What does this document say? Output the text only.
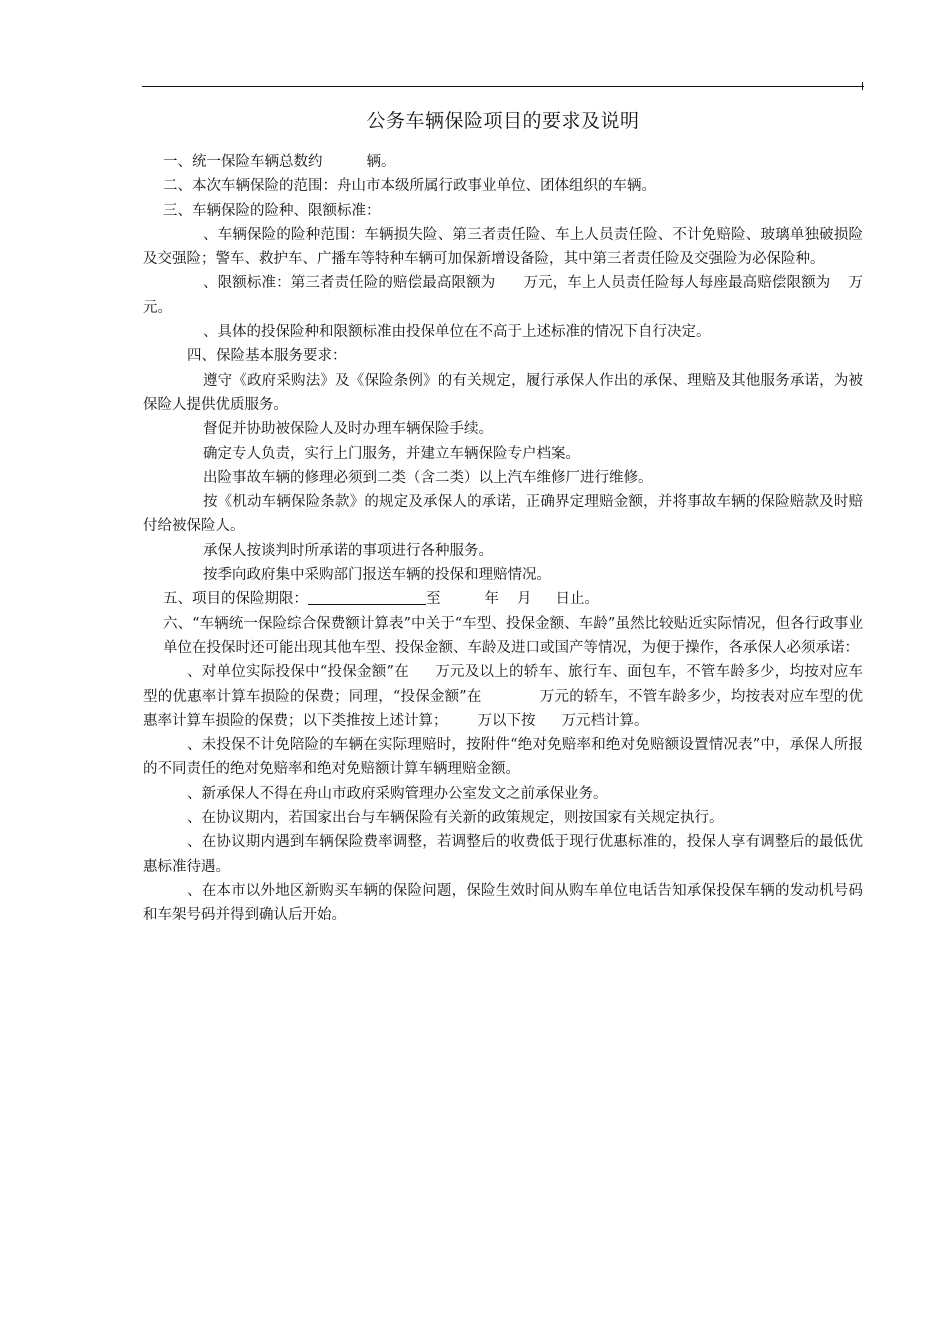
公务车辆保险项目的要求及说明

一、统一保险车辆总数约	辆。

二、本次车辆保险的范围：舟山市本级所属行政事业单位、团体组织的车辆。

三、车辆保险的险种、限额标准：

、车辆保险的险种范围：车辆损失险、第三者责任险、车上人员责任险、不计免赔险、玻璃单独破损险及交强险；警车、救护车、广播车等特种车辆可加保新增设备险，其中第三者责任险及交强险为必保险种。

、限额标准：第三者责任险的赔偿最高限额为 万元，车上人员责任险每人每座最高赔偿限额为 万元。

、具体的投保险种和限额标准由投保单位在不高于上述标准的情况下自行决定。

四、保险基本服务要求：

遵守《政府采购法》及《保险条例》的有关规定，履行承保人作出的承保、理赔及其他服务承诺，为被保险人提供优质服务。

督促并协助被保险人及时办理车辆保险手续。

确定专人负责，实行上门服务，并建立车辆保险专户档案。

出险事故车辆的修理必须到二类（含二类）以上汽车维修厂进行维修。

按《机动车辆保险条款》的规定及承保人的承诺，正确界定理赔金额，并将事故车辆的保险赔款及时赔付给被保险人。

承保人按谈判时所承诺的事项进行各种服务。

按季向政府集中采购部门报送车辆的投保和理赔情况。

五、项目的保险期限：	至	年 月 日止。

六、“车辆统一保险综合保费额计算表”中关于“车型、投保金额、车龄”虽然比较贴近实际情况，但各行政事业单位在投保时还可能出现其他车型、投保金额、车龄及进口或国产等情况，为便于操作，各承保人必须承诺：

、对单位实际投保中“投保金额”在 万元及以上的轿车、旅行车、面包车，不管车龄多少，均按对应车型的优惠率计算车损险的保费；同理，“投保金额”在	万元的轿车，不管车龄多少，均按表对应车型的优惠率计算车损险的保费；以下类推按上述计算； 万以下按 万元档计算。

、未投保不计免陪险的车辆在实际理赔时，按附件“绝对免赔率和绝对免赔额设置情况表”中，承保人所报的不同责任的绝对免赔率和绝对免赔额计算车辆理赔金额。

、新承保人不得在舟山市政府采购管理办公室发文之前承保业务。

、在协议期内，若国家出台与车辆保险有关新的政策规定，则按国家有关规定执行。

、在协议期内遇到车辆保险费率调整，若调整后的收费低于现行优惠标准的，投保人享有调整后的最低优惠标准待遇。

、在本市以外地区新购买车辆的保险问题，保险生效时间从购车单位电话告知承保投保车辆的发动机号码和车架号码并得到确认后开始。
